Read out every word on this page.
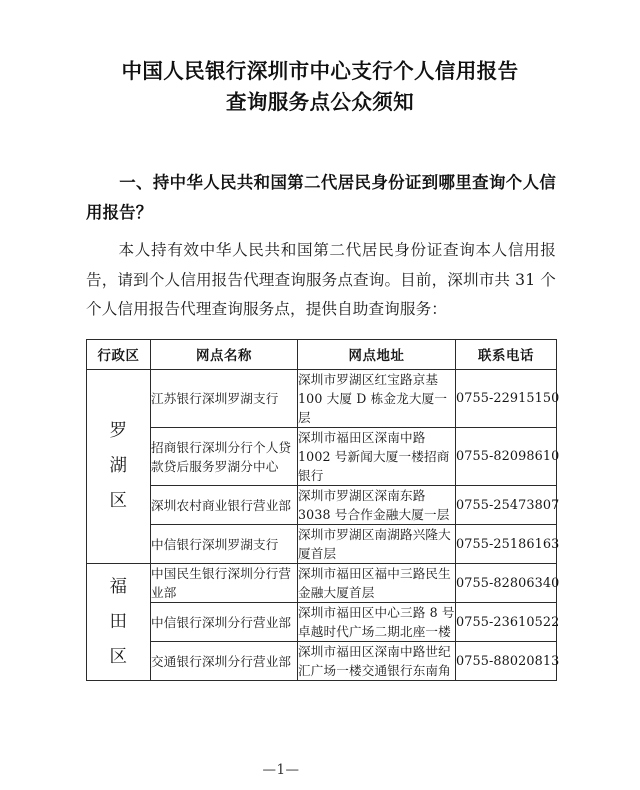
中国人民银行深圳市中心支行个人信用报告
查询服务点公众须知
一、持中华人民共和国第二代居民身份证到哪里查询个人信用报告？
本人持有效中华人民共和国第二代居民身份证查询本人信用报告，请到个人信用报告代理查询服务点查询。目前，深圳市共 31 个个人信用报告代理查询服务点，提供自助查询服务：
行政区	网点名称	网点地址	联系电话

罗
湖
区	江苏银行深圳罗湖支行	深圳市罗湖区红宝路京基 100 大厦 D 栋金龙大厦一层	0755-22915150
	招商银行深圳分行个人贷款贷后服务罗湖分中心	深圳市福田区深南中路 1002 号新闻大厦一楼招商银行	0755-82098610
	深圳农村商业银行营业部	深圳市罗湖区深南东路 3038 号合作金融大厦一层	0755-25473807
	中信银行深圳罗湖支行	深圳市罗湖区南湖路兴隆大厦首层	0755-25186163

福
田
区	中国民生银行深圳分行营业部	深圳市福田区福中三路民生金融大厦首层	0755-82806340
	中信银行深圳分行营业部	深圳市福田区中心三路 8 号卓越时代广场二期北座一楼	0755-23610522
	交通银行深圳分行营业部	深圳市福田区深南中路世纪汇广场一楼交通银行东南角	0755-88020813
—1—
